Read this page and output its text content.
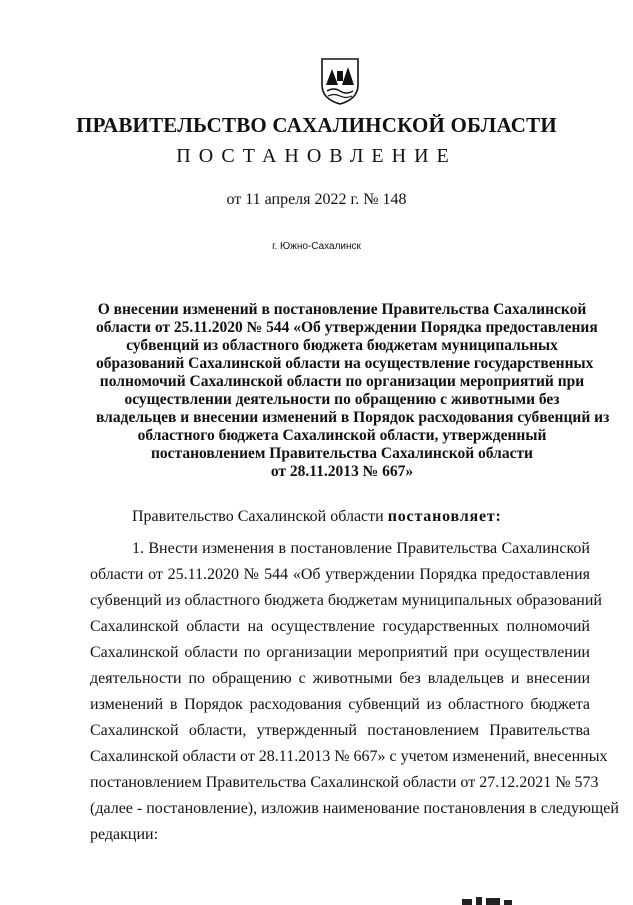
ПРАВИТЕЛЬСТВО САХАЛИНСКОЙ ОБЛАСТИ
ПОСТАНОВЛЕНИЕ
от 11 апреля 2022 г. № 148
г. Южно-Сахалинск
О внесении изменений в постановление Правительства Сахалинской
области от 25.11.2020 № 544 «Об утверждении Порядка предоставления
субвенций из областного бюджета бюджетам муниципальных
образований Сахалинской области на осуществление государственных
полномочий Сахалинской области по организации мероприятий при
осуществлении деятельности по обращению с животными без
владельцев и внесении изменений в Порядок расходования субвенций из
областного бюджета Сахалинской области, утвержденный
постановлением Правительства Сахалинской области
от 28.11.2013 № 667»
Правительство Сахалинской области постановляет:
1. Внести изменения в постановление Правительства Сахалинской
области от 25.11.2020 № 544 «Об утверждении Порядка предоставления
субвенций из областного бюджета бюджетам муниципальных образований
Сахалинской области на осуществление государственных полномочий
Сахалинской области по организации мероприятий при осуществлении
деятельности по обращению с животными без владельцев и внесении
изменений в Порядок расходования субвенций из областного бюджета
Сахалинской области, утвержденный постановлением Правительства
Сахалинской области от 28.11.2013 № 667» с учетом изменений, внесенных
постановлением Правительства Сахалинской области от 27.12.2021 № 573
(далее - постановление), изложив наименование постановления в следующей
редакции:
